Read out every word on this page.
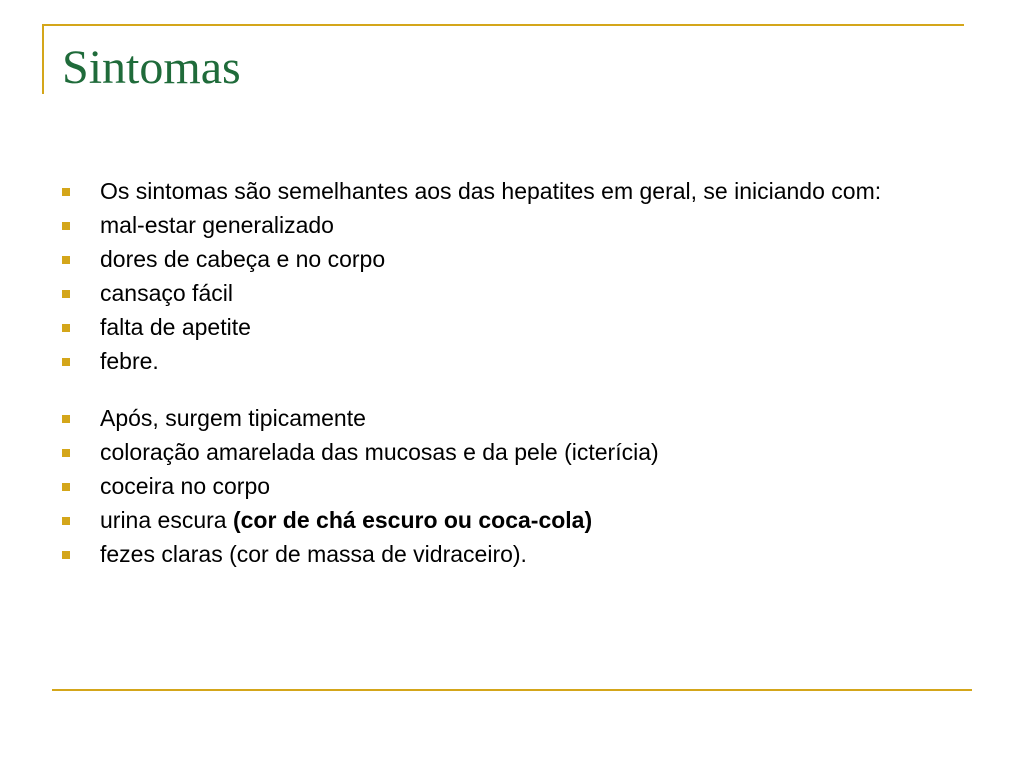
Sintomas
Os sintomas são semelhantes aos das hepatites em geral, se iniciando com:
mal-estar generalizado
dores de cabeça e no corpo
cansaço fácil
falta de apetite
febre.
Após, surgem tipicamente
coloração amarelada das mucosas e da pele (icterícia)
coceira no corpo
urina escura (cor de chá escuro ou coca-cola)
fezes claras (cor de massa de vidraceiro).
